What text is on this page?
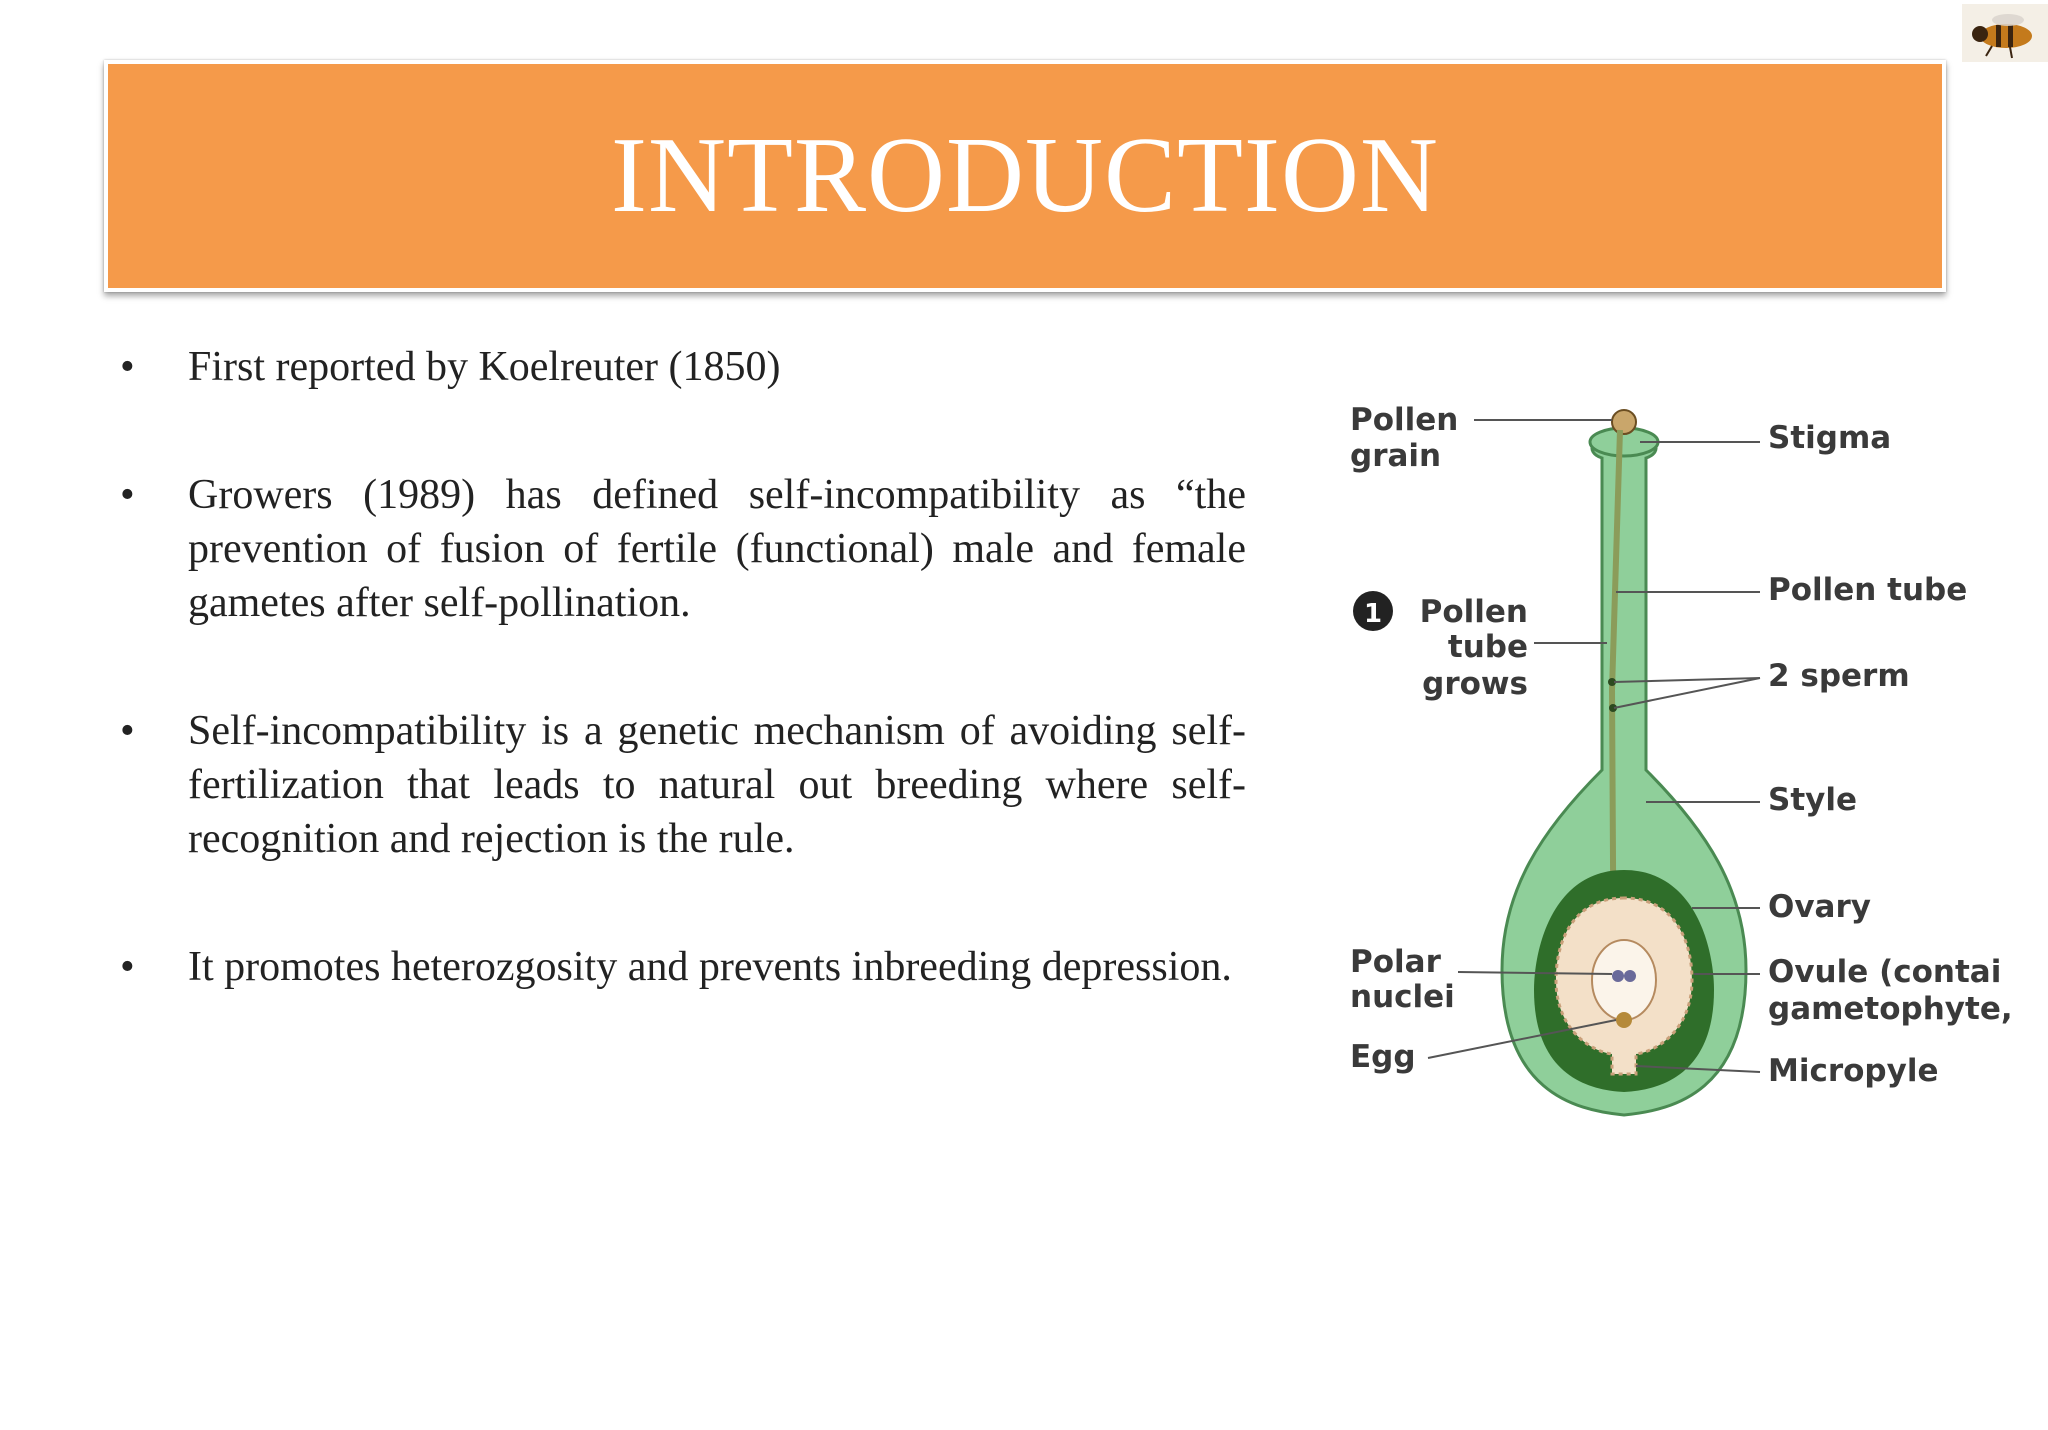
INTRODUCTION
• First reported by Koelreuter (1850)
• Growers (1989) has defined self-incompatibility as “the prevention of fusion of fertile (functional) male and female gametes after self-pollination.
• Self-incompatibility is a genetic mechanism of avoiding self-fertilization that leads to natural out breeding where self-recognition and rejection is the rule.
• It promotes heterozgosity and prevents inbreeding depression.
Pollen
grain
1 Pollen
tube
grows
Polar
nuclei
Egg
Stigma
Pollen tube
2 sperm
Style
Ovary
Ovule (contai
gametophyte,
Micropyle
